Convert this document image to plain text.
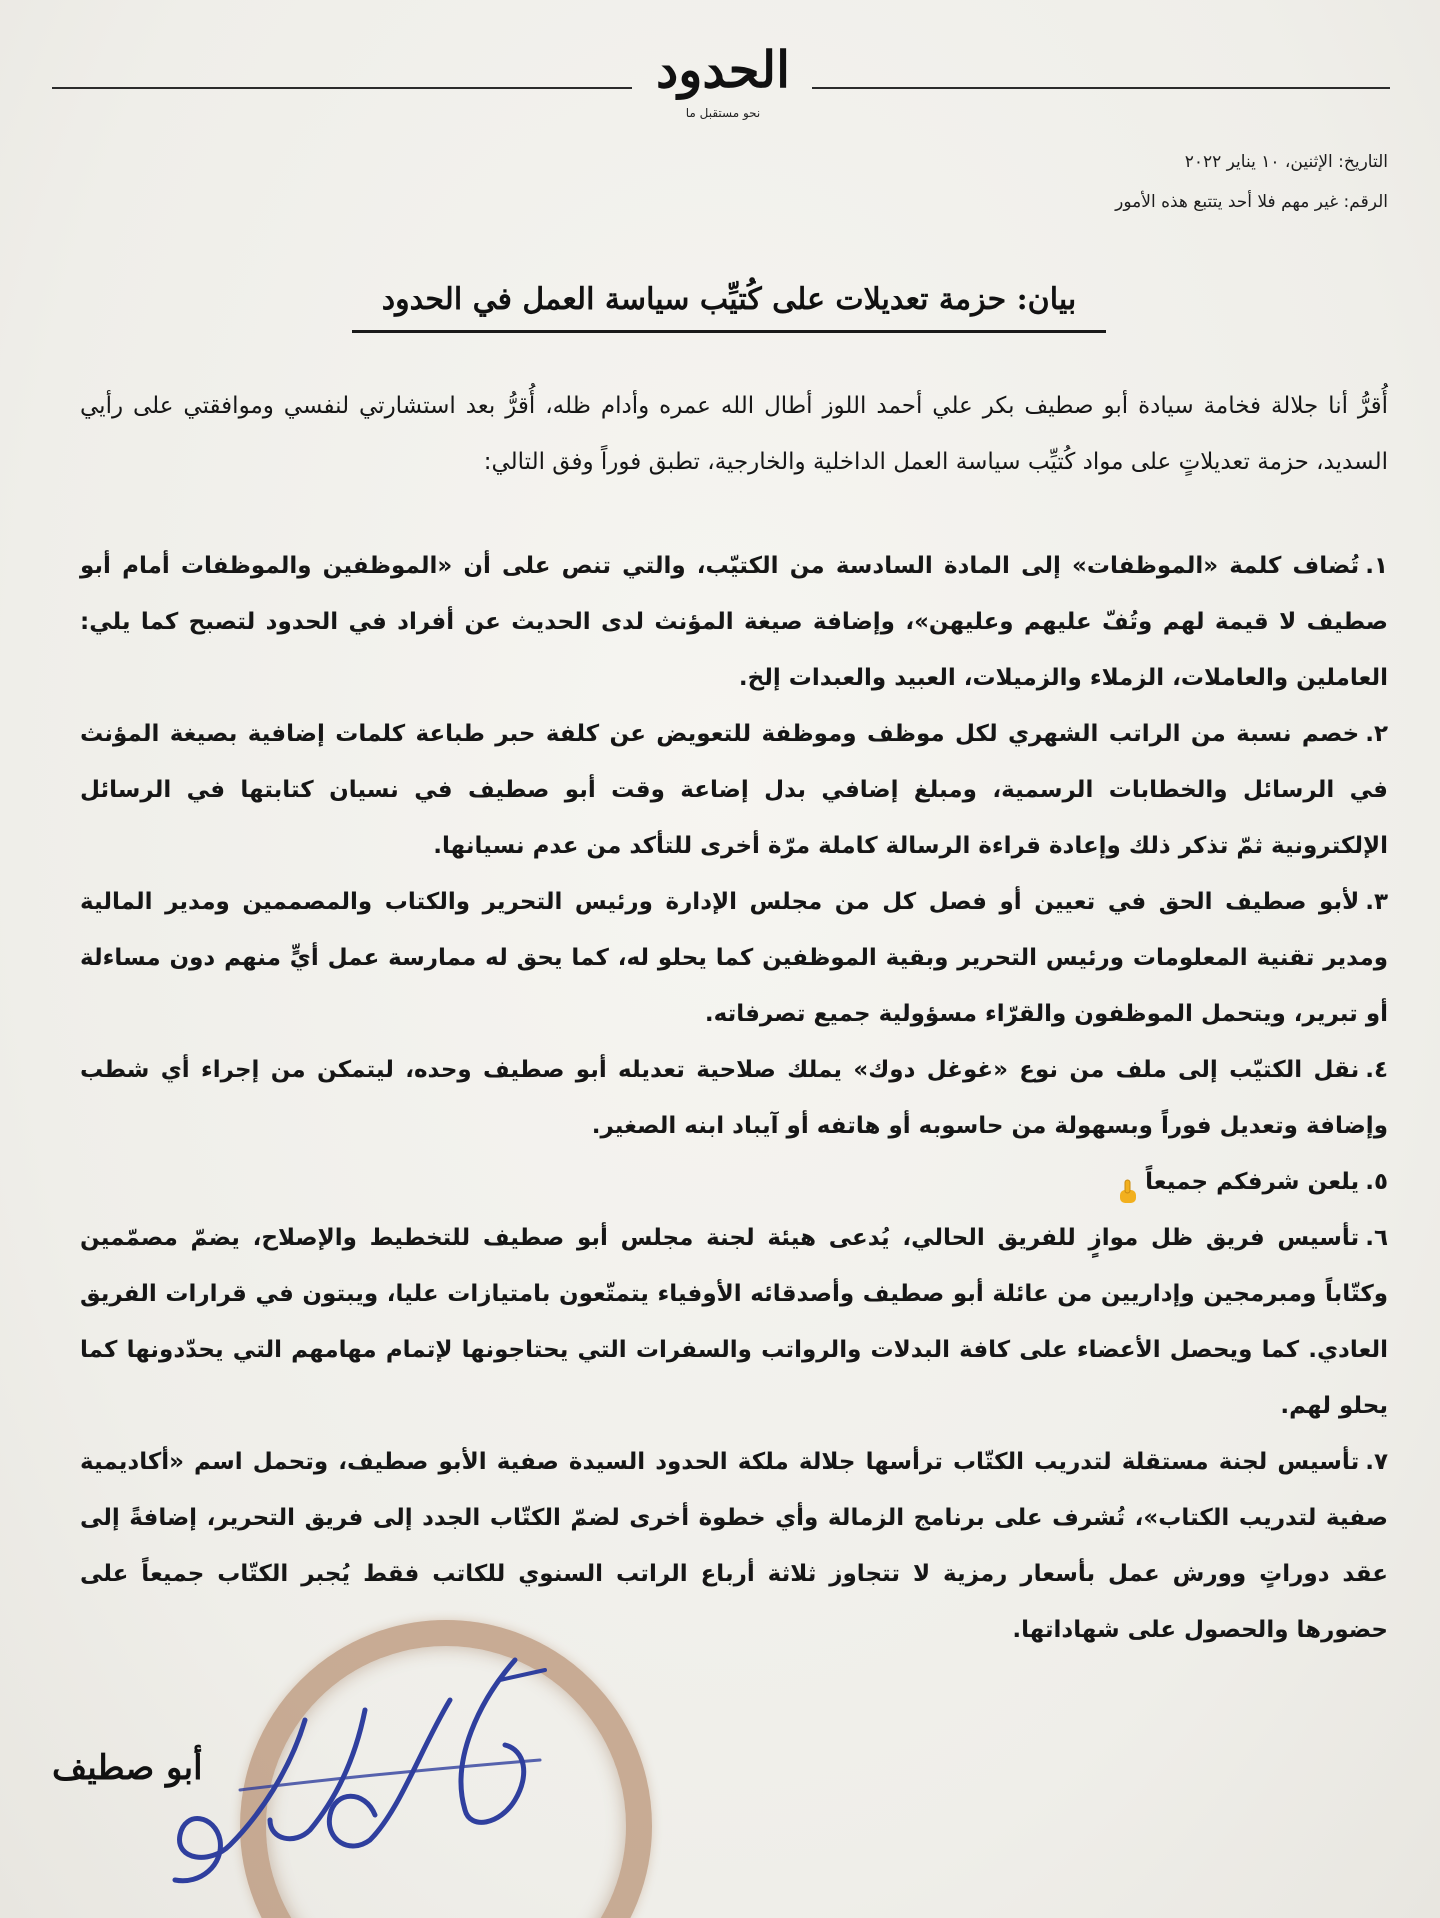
الحدود
نحو مستقبل ما
التاريخ: الإثنين، ١٠ يناير ٢٠٢٢
الرقم: غير مهم فلا أحد يتتبع هذه الأمور
بيان: حزمة تعديلات على كُتيِّب سياسة العمل في الحدود

أُقرُّ أنا جلالة فخامة سيادة أبو صطيف بكر علي أحمد اللوز أطال الله عمره وأدام ظله، أُقرُّ بعد استشارتي لنفسي وموافقتي على رأيي السديد، حزمة تعديلاتٍ على مواد كُتيِّب سياسة العمل الداخلية والخارجية، تطبق فوراً وفق التالي:

١.تُضاف كلمة «الموظفات» إلى المادة السادسة من الكتيّب، والتي تنص على أن «الموظفين والموظفات أمام أبو صطيف لا قيمة لهم وتُفّ عليهم وعليهن»، وإضافة صيغة المؤنث لدى الحديث عن أفراد في الحدود لتصبح كما يلي: العاملين والعاملات، الزملاء والزميلات، العبيد والعبدات إلخ.

٢.خصم نسبة من الراتب الشهري لكل موظف وموظفة للتعويض عن كلفة حبر طباعة كلمات إضافية بصيغة المؤنث في الرسائل والخطابات الرسمية، ومبلغ إضافي بدل إضاعة وقت أبو صطيف في نسيان كتابتها في الرسائل الإلكترونية ثمّ تذكر ذلك وإعادة قراءة الرسالة كاملة مرّة أخرى للتأكد من عدم نسيانها.

٣.لأبو صطيف الحق في تعيين أو فصل كل من مجلس الإدارة ورئيس التحرير والكتاب والمصممين ومدير المالية ومدير تقنية المعلومات ورئيس التحرير وبقية الموظفين كما يحلو له، كما يحق له ممارسة عمل أيٍّ منهم دون مساءلة أو تبرير، ويتحمل الموظفون والقرّاء مسؤولية جميع تصرفاته.

٤.نقل الكتيّب إلى ملف من نوع «غوغل دوك» يملك صلاحية تعديله أبو صطيف وحده، ليتمكن من إجراء أي شطب وإضافة وتعديل فوراً وبسهولة من حاسوبه أو هاتفه أو آيباد ابنه الصغير.

٥.يلعن شرفكم جميعاً

٦.تأسيس فريق ظل موازٍ للفريق الحالي، يُدعى هيئة لجنة مجلس أبو صطيف للتخطيط والإصلاح، يضمّ مصمّمين وكتّاباً ومبرمجين وإداريين من عائلة أبو صطيف وأصدقائه الأوفياء يتمتّعون بامتيازات عليا، ويبتون في قرارات الفريق العادي. كما ويحصل الأعضاء على كافة البدلات والرواتب والسفرات التي يحتاجونها لإتمام مهامهم التي يحدّدونها كما يحلو لهم.

٧.تأسيس لجنة مستقلة لتدريب الكتّاب ترأسها جلالة ملكة الحدود السيدة صفية الأبو صطيف، وتحمل اسم «أكاديمية صفية لتدريب الكتاب»، تُشرف على برنامج الزمالة وأي خطوة أخرى لضمّ الكتّاب الجدد إلى فريق التحرير، إضافةً إلى عقد دوراتٍ وورش عمل بأسعار رمزية لا تتجاوز ثلاثة أرباع الراتب السنوي للكاتب فقط يُجبر الكتّاب جميعاً على حضورها والحصول على شهاداتها.

أبو صطيف
